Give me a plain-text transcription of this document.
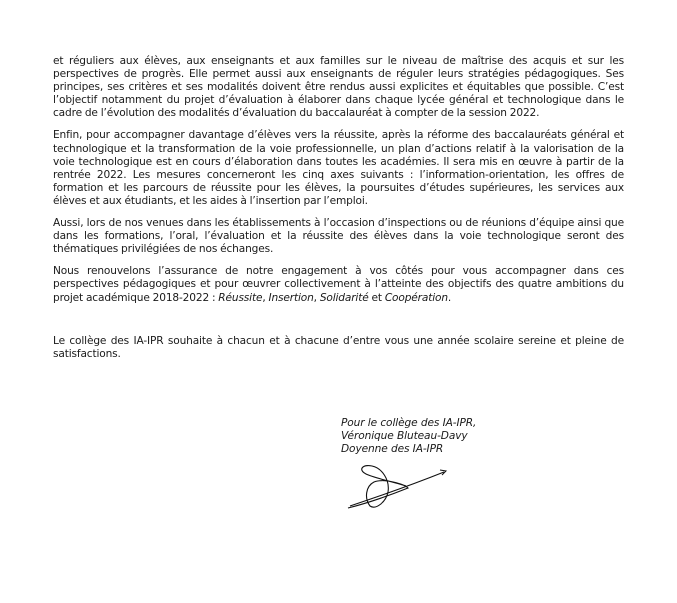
et réguliers aux élèves, aux enseignants et aux familles sur le niveau de maîtrise des acquis et sur les perspectives de progrès. Elle permet aussi aux enseignants de réguler leurs stratégies pédagogiques. Ses principes, ses critères et ses modalités doivent être rendus aussi explicites et équitables que possible. C’est l’objectif notamment du projet d’évaluation à élaborer dans chaque lycée général et technologique dans le cadre de l’évolution des modalités d’évaluation du baccalauréat à compter de la session 2022.

Enfin, pour accompagner davantage d’élèves vers la réussite, après la réforme des baccalauréats général et technologique et la transformation de la voie professionnelle, un plan d’actions relatif à la valorisation de la voie technologique est en cours d’élaboration dans toutes les académies. Il sera mis en œuvre à partir de la rentrée 2022. Les mesures concerneront les cinq axes suivants : l’information-orientation, les offres de formation et les parcours de réussite pour les élèves, la poursuites d’études supérieures, les services aux élèves et aux étudiants, et les aides à l’insertion par l’emploi.

Aussi, lors de nos venues dans les établissements à l’occasion d’inspections ou de réunions d’équipe ainsi que dans les formations, l’oral, l’évaluation et la réussite des élèves dans la voie technologique seront des thématiques privilégiées de nos échanges.

Nous renouvelons l’assurance de notre engagement à vos côtés pour vous accompagner dans ces perspectives pédagogiques et pour œuvrer collectivement à l’atteinte des objectifs des quatre ambitions du projet académique 2018-2022 : Réussite, Insertion, Solidarité et Coopération.

Le collège des IA-IPR souhaite à chacun et à chacune d’entre vous une année scolaire sereine et pleine de satisfactions.

Pour le collège des IA-IPR,
Véronique Bluteau-Davy
Doyenne des IA-IPR
